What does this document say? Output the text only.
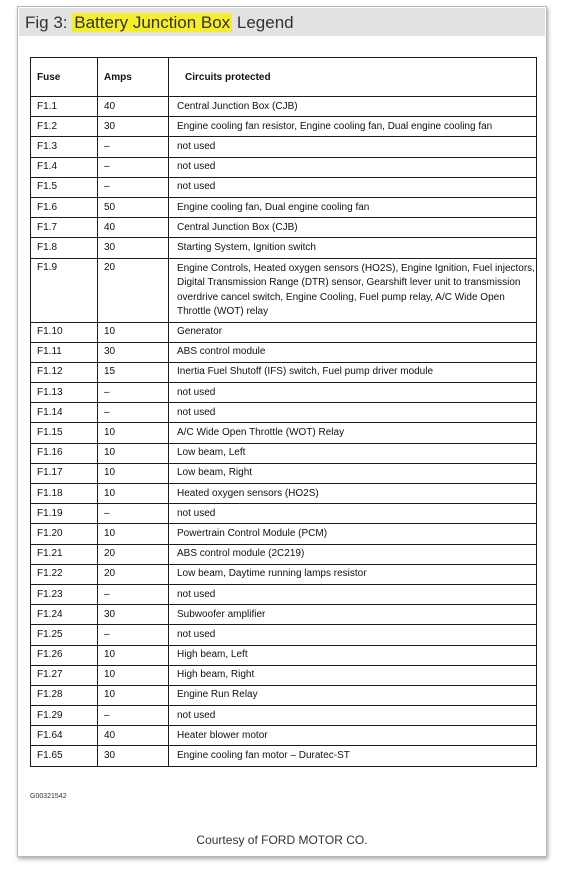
Fig 3: Battery Junction Box Legend
Fuse	Amps	Circuits protected
F1.1	40	Central Junction Box (CJB)
F1.2	30	Engine cooling fan resistor, Engine cooling fan, Dual engine cooling fan
F1.3	–	not used
F1.4	–	not used
F1.5	–	not used
F1.6	50	Engine cooling fan, Dual engine cooling fan
F1.7	40	Central Junction Box (CJB)
F1.8	30	Starting System, Ignition switch
F1.9	20	Engine Controls, Heated oxygen sensors (HO2S), Engine Ignition, Fuel injectors, Digital Transmission Range (DTR) sensor, Gearshift lever unit to transmission overdrive cancel switch, Engine Cooling, Fuel pump relay, A/C Wide Open Throttle (WOT) relay
F1.10	10	Generator
F1.11	30	ABS control module
F1.12	15	Inertia Fuel Shutoff (IFS) switch, Fuel pump driver module
F1.13	–	not used
F1.14	–	not used
F1.15	10	A/C Wide Open Throttle (WOT) Relay
F1.16	10	Low beam, Left
F1.17	10	Low beam, Right
F1.18	10	Heated oxygen sensors (HO2S)
F1.19	–	not used
F1.20	10	Powertrain Control Module (PCM)
F1.21	20	ABS control module (2C219)
F1.22	20	Low beam, Daytime running lamps resistor
F1.23	–	not used
F1.24	30	Subwoofer amplifier
F1.25	–	not used
F1.26	10	High beam, Left
F1.27	10	High beam, Right
F1.28	10	Engine Run Relay
F1.29	–	not used
F1.64	40	Heater blower motor
F1.65	30	Engine cooling fan motor – Duratec-ST
G00321542
Courtesy of FORD MOTOR CO.
